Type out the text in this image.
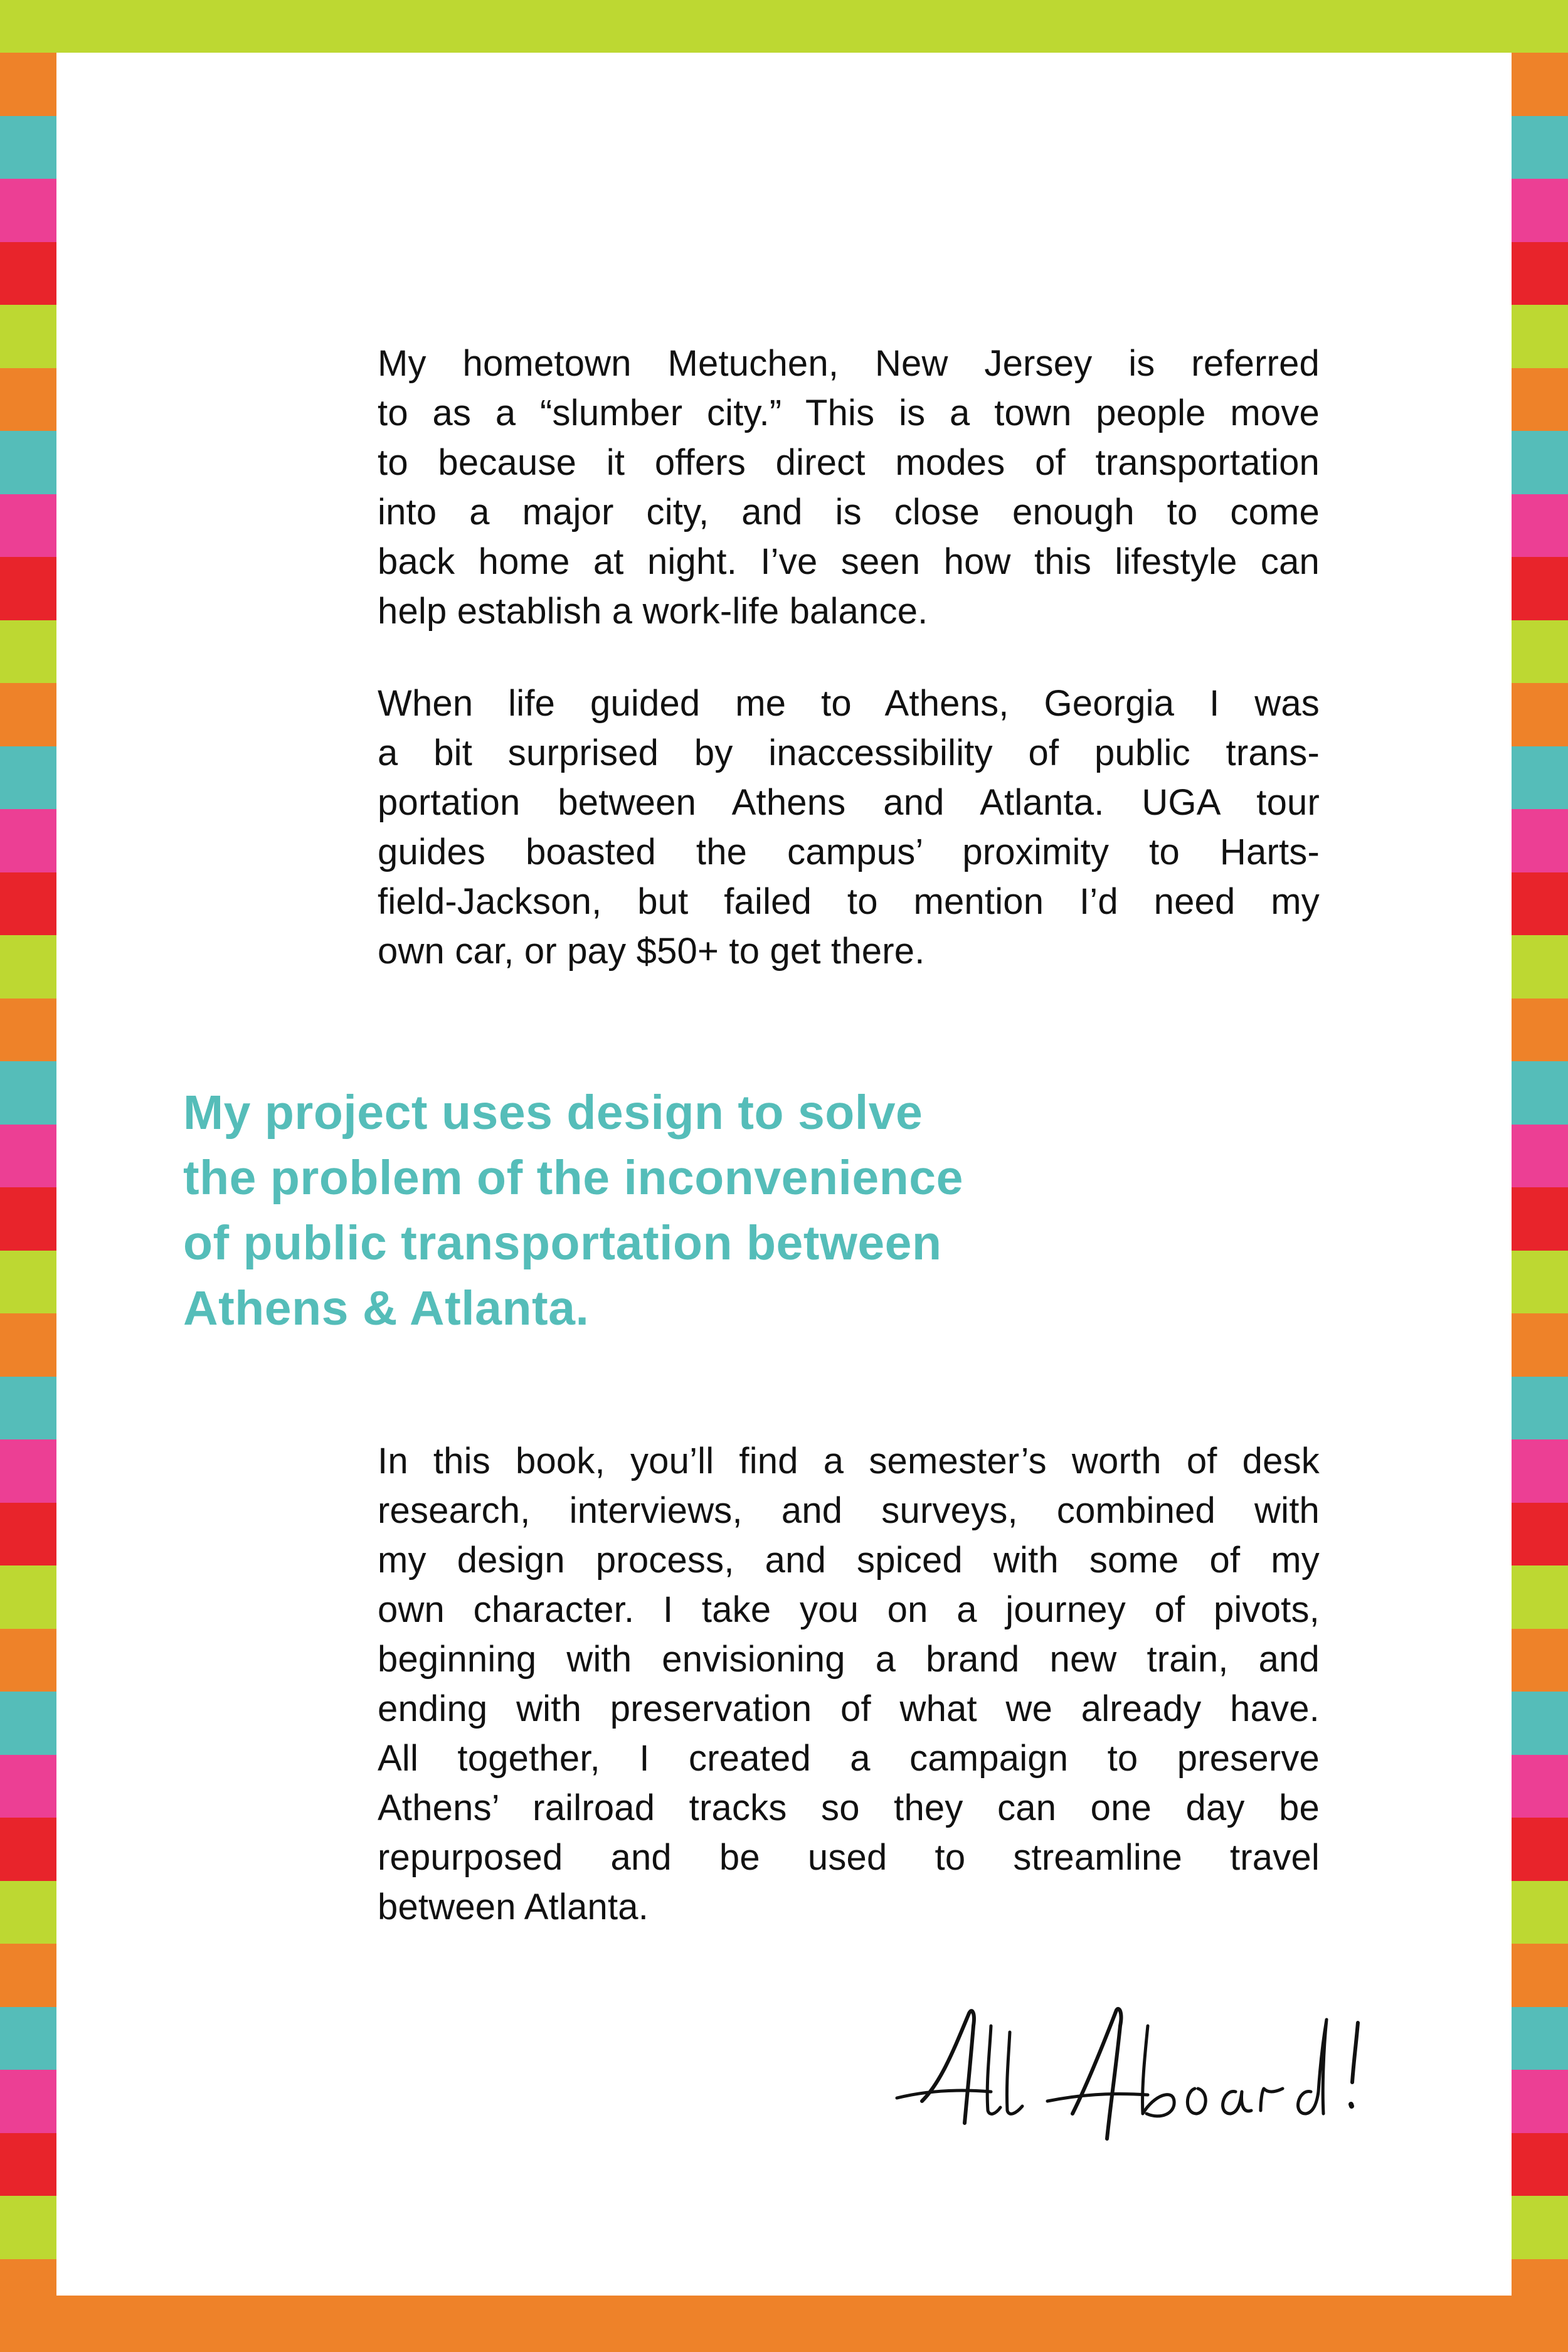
My hometown Metuchen, New Jersey is referred
to as a “slumber city.” This is a town people move
to because it offers direct modes of transportation
into a major city, and is close enough to come
back home at night. I’ve seen how this lifestyle can
help establish a work-life balance.
When life guided me to Athens, Georgia I was
a bit surprised by inaccessibility of public trans-
portation between Athens and Atlanta. UGA tour
guides boasted the campus’ proximity to Harts-
field-Jackson, but failed to mention I’d need my
own car, or pay $50+ to get there.
My project uses design to solve
the problem of the inconvenience
of public transportation between
Athens & Atlanta.
In this book, you’ll find a semester’s worth of desk
research, interviews, and surveys, combined with
my design process, and spiced with some of my
own character. I take you on a journey of pivots,
beginning with envisioning a brand new train, and
ending with preservation of what we already have.
All together, I created a campaign to preserve
Athens’ railroad tracks so they can one day be
repurposed and be used to streamline travel
between Atlanta.
